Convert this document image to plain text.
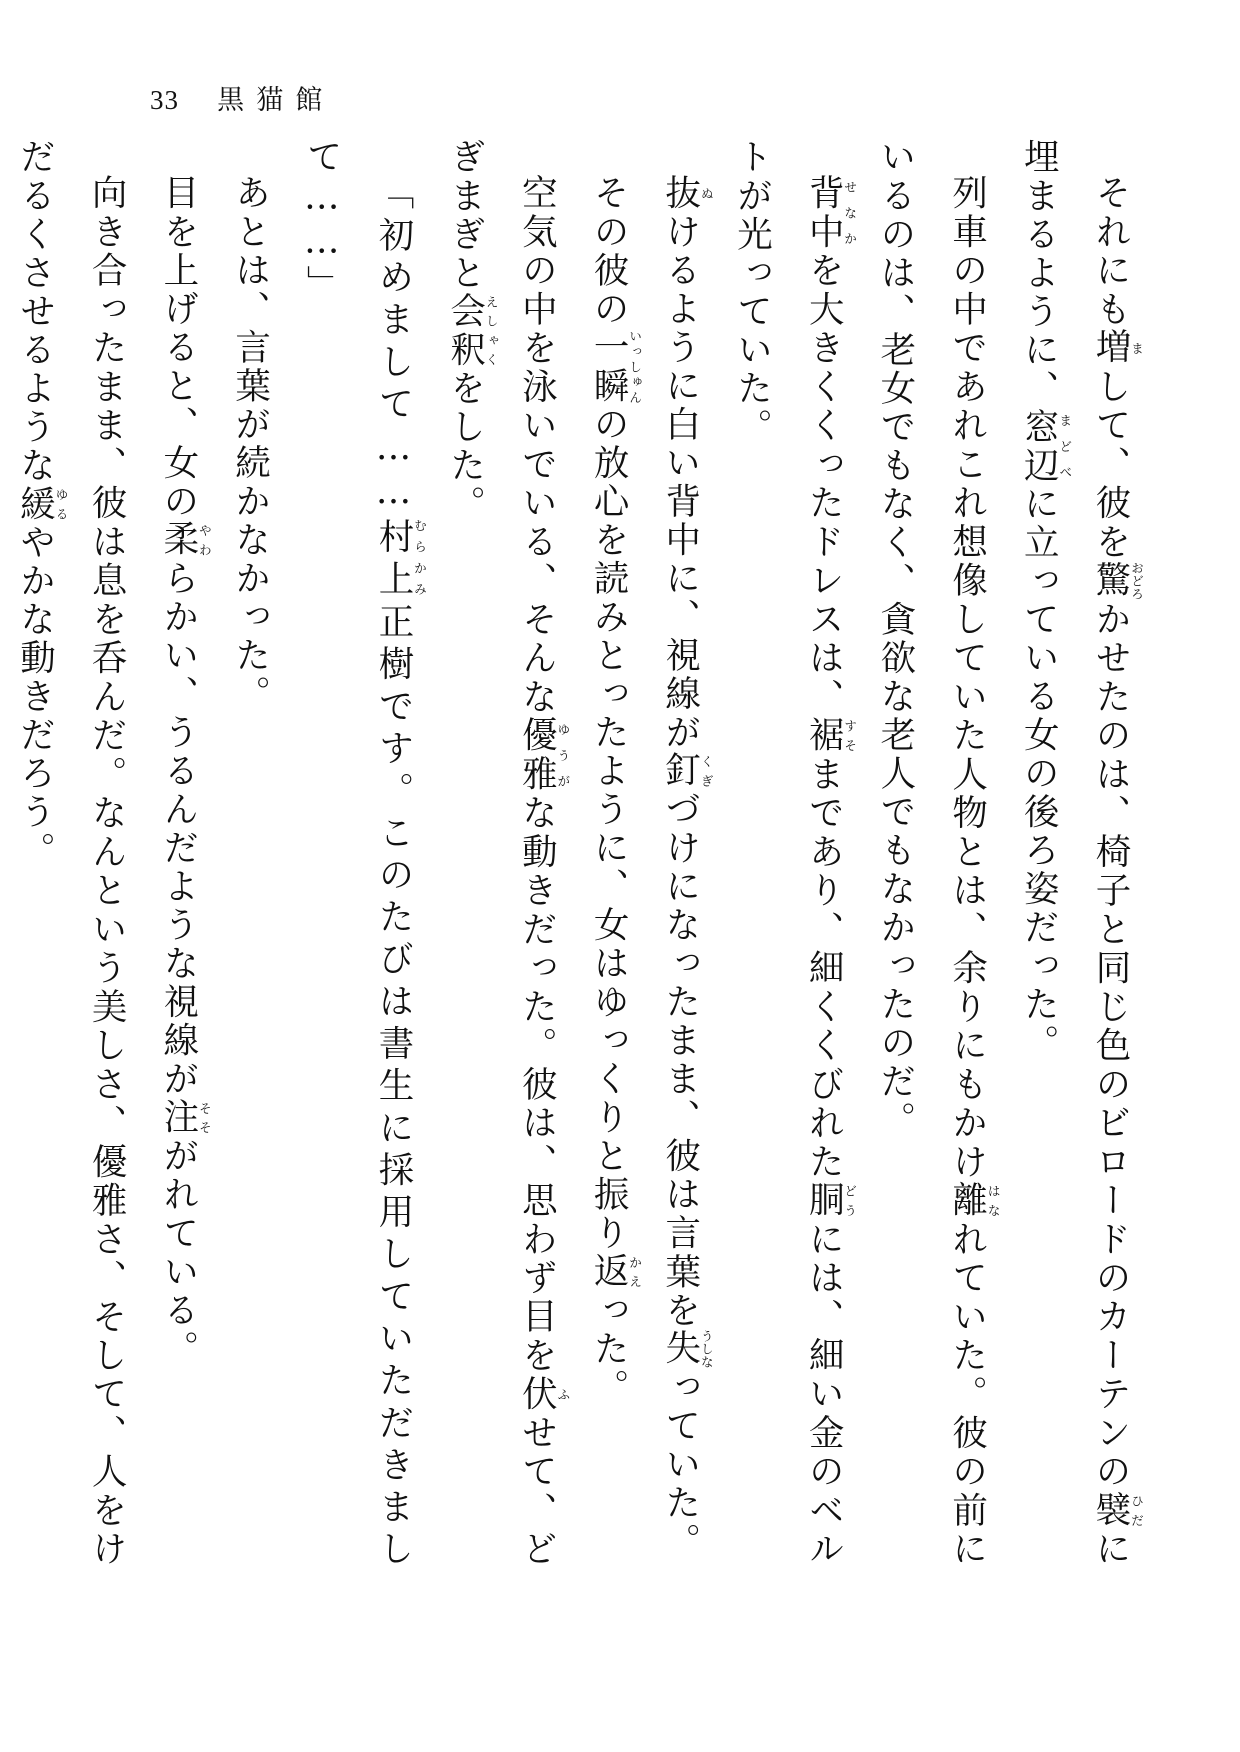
33 黒猫館

それにも増まして、彼を驚おどろかせたのは、椅子と同じ色のビロードのカーテンの襞ひだに埋まるように、窓辺まどべに立っている女の後ろ姿だった。

列車の中であれこれ想像していた人物とは、余りにもかけ離はなれていた。彼の前にいるのは、老女でもなく、貪欲な老人でもなかったのだ。

背中せなかを大きくくったドレスは、裾すそまであり、細くくびれた胴どうには、細い金のベルトが光っていた。

抜ぬけるように白い背中に、視線が釘くぎづけになったまま、彼は言葉を失うしなっていた。

その彼の一瞬いっしゅんの放心を読みとったように、女はゆっくりと振り返かえった。

空気の中を泳いでいる、そんな優雅ゆうがな動きだった。彼は、思わず目を伏ふせて、どぎまぎと会釈えしゃくをした。

「初めまして……村上むらかみ正樹です。このたびは書生に採用していただきまして……」

あとは、言葉が続かなかった。

目を上げると、女の柔やわらかい、うるんだような視線が注そそがれている。

向き合ったまま、彼は息を呑んだ。なんという美しさ、優雅さ、そして、人をけだるくさせるような緩ゆるやかな動きだろう。
